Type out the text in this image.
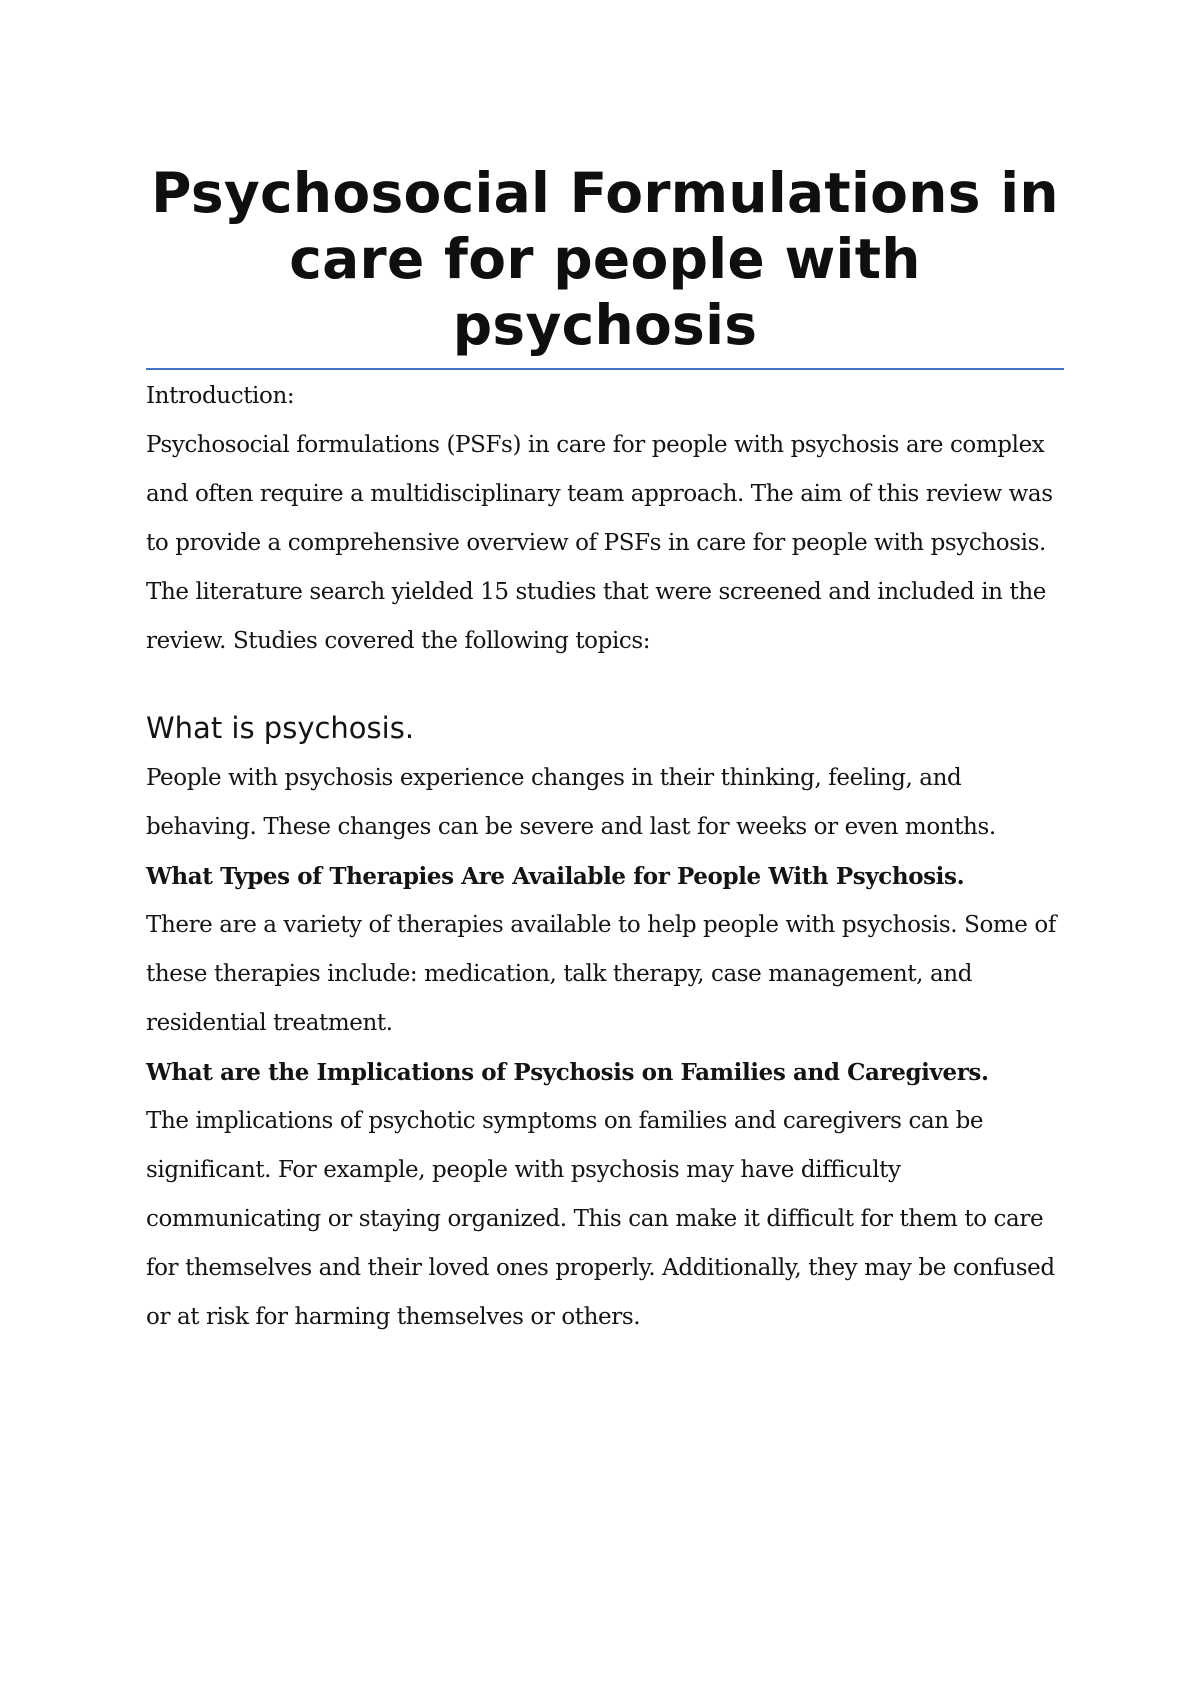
Psychosocial Formulations in care for people with psychosis

Introduction:

Psychosocial formulations (PSFs) in care for people with psychosis are complex and often require a multidisciplinary team approach. The aim of this review was to provide a comprehensive overview of PSFs in care for people with psychosis.

The literature search yielded 15 studies that were screened and included in the review. Studies covered the following topics:

What is psychosis.

People with psychosis experience changes in their thinking, feeling, and behaving. These changes can be severe and last for weeks or even months.

What Types of Therapies Are Available for People With Psychosis.

There are a variety of therapies available to help people with psychosis. Some of these therapies include: medication, talk therapy, case management, and residential treatment.

What are the Implications of Psychosis on Families and Caregivers.

The implications of psychotic symptoms on families and caregivers can be significant. For example, people with psychosis may have difficulty communicating or staying organized. This can make it difficult for them to care for themselves and their loved ones properly. Additionally, they may be confused or at risk for harming themselves or others.
